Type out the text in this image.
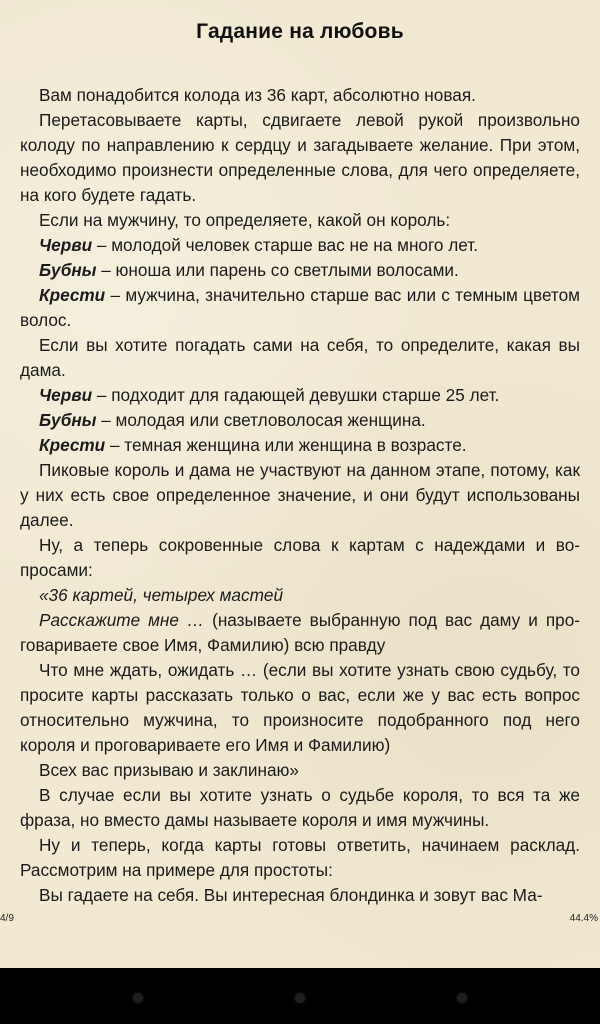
Гадание на любовь

Вам понадобится колода из 36 карт, абсолютно новая.

Перетасовываете карты, сдвигаете левой рукой произвольно колоду по направлению к сердцу и загадываете желание. При этом, необходимо произнести определенные слова, для чего определяете, на кого будете гадать.

Если на мужчину, то определяете, какой он король:

Черви – молодой человек старше вас не на много лет.

Бубны – юноша или парень со светлыми волосами.

Крести – мужчина, значительно старше вас или с темным цветом волос.

Если вы хотите погадать сами на себя, то определите, какая вы дама.

Черви – подходит для гадающей девушки старше 25 лет.

Бубны – молодая или светловолосая женщина.

Крести – темная женщина или женщина в возрасте.

Пиковые король и дама не участвуют на данном этапе, потому, как у них есть свое определенное значение, и они будут использованы далее.

Ну, а теперь сокровенные слова к картам с надеждами и вопросами:

«36 картей, четырех мастей

Расскажите мне … (называете выбранную под вас даму и проговариваете свое Имя, Фамилию) всю правду

Что мне ждать, ожидать … (если вы хотите узнать свою судьбу, то просите карты рассказать только о вас, если же у вас есть вопрос относительно мужчина, то произносите подобранного под него короля и проговариваете его Имя и Фамилию)

Всех вас призываю и заклинаю»

В случае если вы хотите узнать о судьбе короля, то вся та же фраза, но вместо дамы называете короля и имя мужчины.

Ну и теперь, когда карты готовы ответить, начинаем расклад. Рассмотрим на примере для простоты:

Вы гадаете на себя. Вы интересная блондинка и зовут вас Ма-

4/9	44.4%
